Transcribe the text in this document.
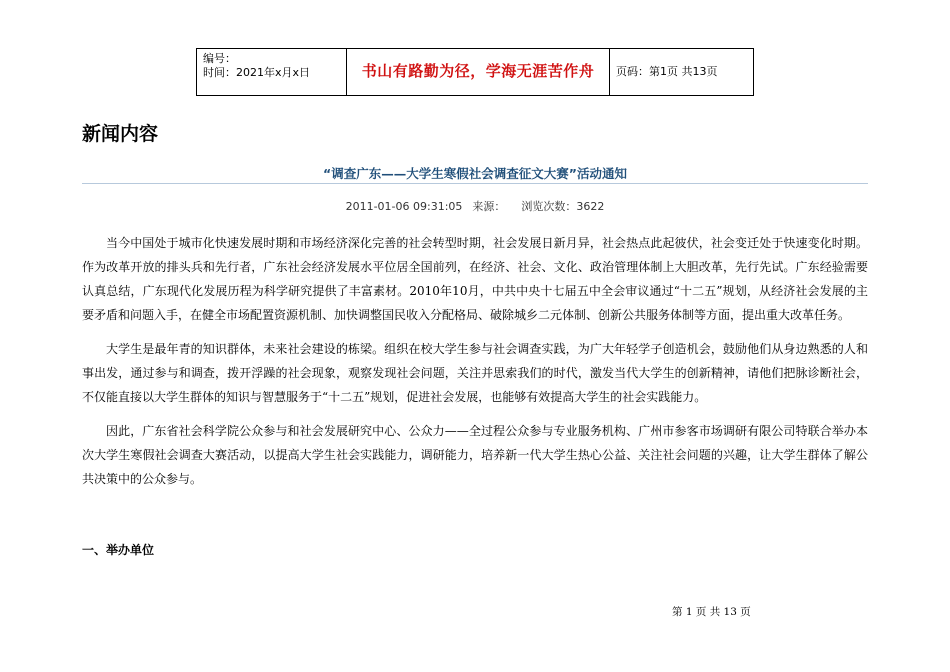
编号：
时间：2021年x月x日	书山有路勤为径，学海无涯苦作舟	页码：第1页 共13页
新闻内容
“调查广东——大学生寒假社会调查征文大赛”活动通知
2011-01-06 09:31:05 来源： 浏览次数：3622

当今中国处于城市化快速发展时期和市场经济深化完善的社会转型时期，社会发展日新月异，社会热点此起彼伏，社会变迁处于快速变化时期。作为改革开放的排头兵和先行者，广东社会经济发展水平位居全国前列，在经济、社会、文化、政治管理体制上大胆改革，先行先试。广东经验需要认真总结，广东现代化发展历程为科学研究提供了丰富素材。2010年10月，中共中央十七届五中全会审议通过“十二五”规划，从经济社会发展的主要矛盾和问题入手，在健全市场配置资源机制、加快调整国民收入分配格局、破除城乡二元体制、创新公共服务体制等方面，提出重大改革任务。

大学生是最年青的知识群体，未来社会建设的栋梁。组织在校大学生参与社会调查实践，为广大年轻学子创造机会，鼓励他们从身边熟悉的人和事出发，通过参与和调查，拨开浮躁的社会现象，观察发现社会问题，关注并思索我们的时代，激发当代大学生的创新精神，请他们把脉诊断社会，不仅能直接以大学生群体的知识与智慧服务于“十二五”规划，促进社会发展，也能够有效提高大学生的社会实践能力。

因此，广东省社会科学院公众参与和社会发展研究中心、公众力——全过程公众参与专业服务机构、广州市参客市场调研有限公司特联合举办本次大学生寒假社会调查大赛活动，以提高大学生社会实践能力，调研能力，培养新一代大学生热心公益、关注社会问题的兴趣，让大学生群体了解公共决策中的公众参与。

一、举办单位
第 1 页 共 13 页
